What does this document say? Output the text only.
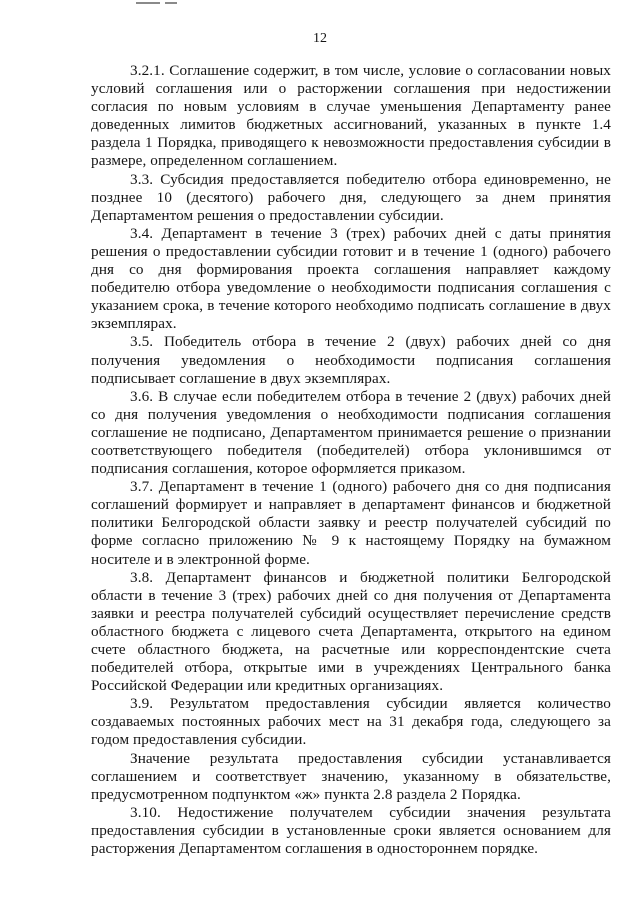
12

3.2.1. Соглашение содержит, в том числе, условие о согласовании новых условий соглашения или о расторжении соглашения при недостижении согласия по новым условиям в случае уменьшения Департаменту ранее доведенных лимитов бюджетных ассигнований, указанных в пункте 1.4 раздела 1 Порядка, приводящего к невозможности предоставления субсидии в размере, определенном соглашением.

3.3. Субсидия предоставляется победителю отбора единовременно, не позднее 10 (десятого) рабочего дня, следующего за днем принятия Департаментом решения о предоставлении субсидии.

3.4. Департамент в течение 3 (трех) рабочих дней с даты принятия решения о предоставлении субсидии готовит и в течение 1 (одного) рабочего дня со дня формирования проекта соглашения направляет каждому победителю отбора уведомление о необходимости подписания соглашения с указанием срока, в течение которого необходимо подписать соглашение в двух экземплярах.

3.5. Победитель отбора в течение 2 (двух) рабочих дней со дня получения уведомления о необходимости подписания соглашения подписывает соглашение в двух экземплярах.

3.6. В случае если победителем отбора в течение 2 (двух) рабочих дней со дня получения уведомления о необходимости подписания соглашения соглашение не подписано, Департаментом принимается решение о признании соответствующего победителя (победителей) отбора уклонившимся от подписания соглашения, которое оформляется приказом.

3.7. Департамент в течение 1 (одного) рабочего дня со дня подписания соглашений формирует и направляет в департамент финансов и бюджетной политики Белгородской области заявку и реестр получателей субсидий по форме согласно приложению № 9 к настоящему Порядку на бумажном носителе и в электронной форме.

3.8. Департамент финансов и бюджетной политики Белгородской области в течение 3 (трех) рабочих дней со дня получения от Департамента заявки и реестра получателей субсидий осуществляет перечисление средств областного бюджета с лицевого счета Департамента, открытого на едином счете областного бюджета, на расчетные или корреспондентские счета победителей отбора, открытые ими в учреждениях Центрального банка Российской Федерации или кредитных организациях.

3.9. Результатом предоставления субсидии является количество создаваемых постоянных рабочих мест на 31 декабря года, следующего за годом предоставления субсидии.

Значение результата предоставления субсидии устанавливается соглашением и соответствует значению, указанному в обязательстве, предусмотренном подпунктом «ж» пункта 2.8 раздела 2 Порядка.

3.10. Недостижение получателем субсидии значения результата предоставления субсидии в установленные сроки является основанием для расторжения Департаментом соглашения в одностороннем порядке.
